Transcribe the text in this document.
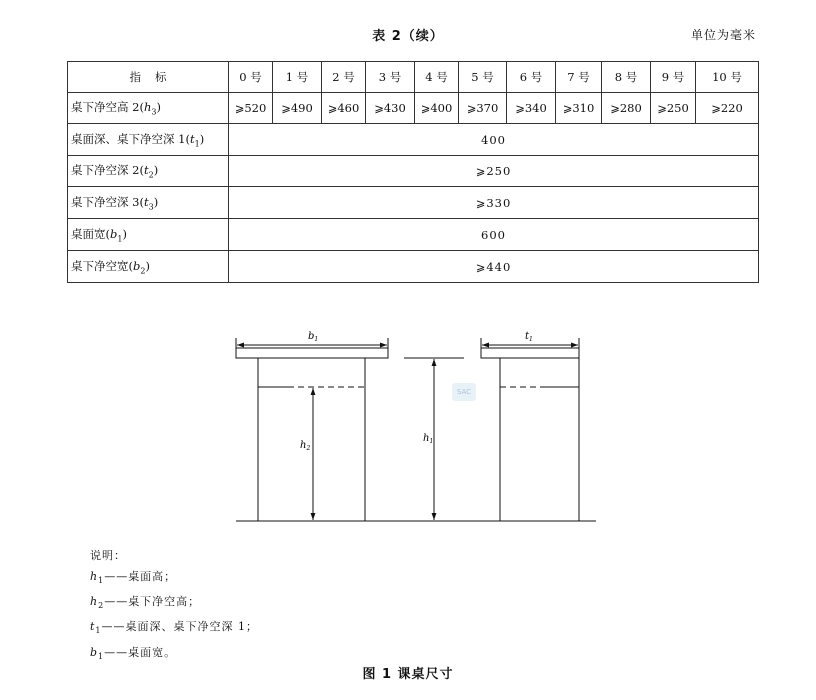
表 2（续）	单位为毫米
指标	0 号	1 号	2 号	3 号	4 号	5 号	6 号	7 号	8 号	9 号	10 号
桌下净空高 $2(h_3)$	⩾520	⩾490	⩾460	⩾430	⩾400	⩾370	⩾340	⩾310	⩾280	⩾250	⩾220
桌面深、桌下净空深 $1(t_1)$	400										
桌下净空深 $2(t_2)$	⩾250										
桌下净空深 $3(t_3)$	⩾330										
桌面宽$(b_1)$	600										
桌下净空宽$(b_2)$	⩾440										
$b_1$	$t_1$
$h_2$
$h_1$
SAC
说明：
$h_1——$桌面高；
$h_2——$桌下净空高；
$t_1——$桌面深、桌下净空深 1；
$b_1——$桌面宽。
图 1 课桌尺寸
